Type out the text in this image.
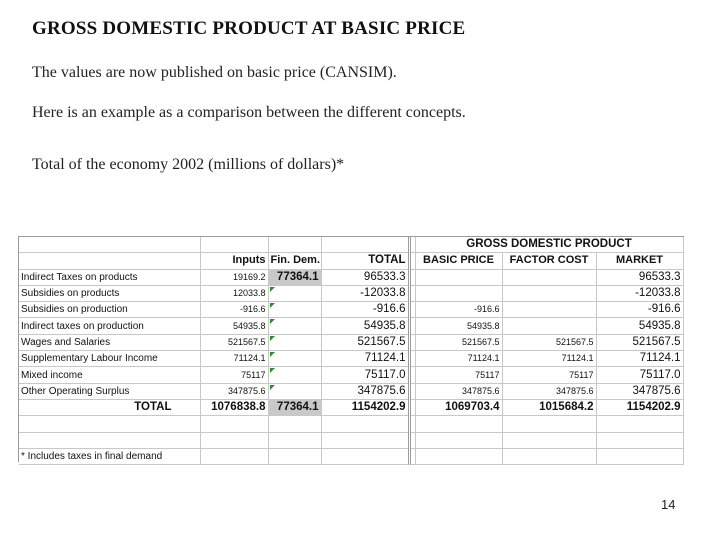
GROSS DOMESTIC PRODUCT AT BASIC PRICE
The values are now published on basic price (CANSIM).
Here is an example as a comparison between the different concepts.
Total of the economy 2002 (millions of dollars)*
					GROSS DOMESTIC PRODUCT		
	Inputs	Fin. Dem.	TOTAL		BASIC PRICE	FACTOR COST	MARKET
Indirect Taxes on products	19169.2	77364.1	96533.3				96533.3
Subsidies on products	12033.8		-12033.8				-12033.8
Subsidies on production	-916.6		-916.6		-916.6		-916.6
Indirect taxes on production	54935.8		54935.8		54935.8		54935.8
Wages and Salaries	521567.5		521567.5		521567.5	521567.5	521567.5
Supplementary Labour Income	71124.1		71124.1		71124.1	71124.1	71124.1
Mixed income	75117		75117.0		75117	75117	75117.0
Other Operating Surplus	347875.6		347875.6		347875.6	347875.6	347875.6
TOTAL	1076838.8	77364.1	1154202.9		1069703.4	1015684.2	1154202.9

* Includes taxes in final demand							
14
